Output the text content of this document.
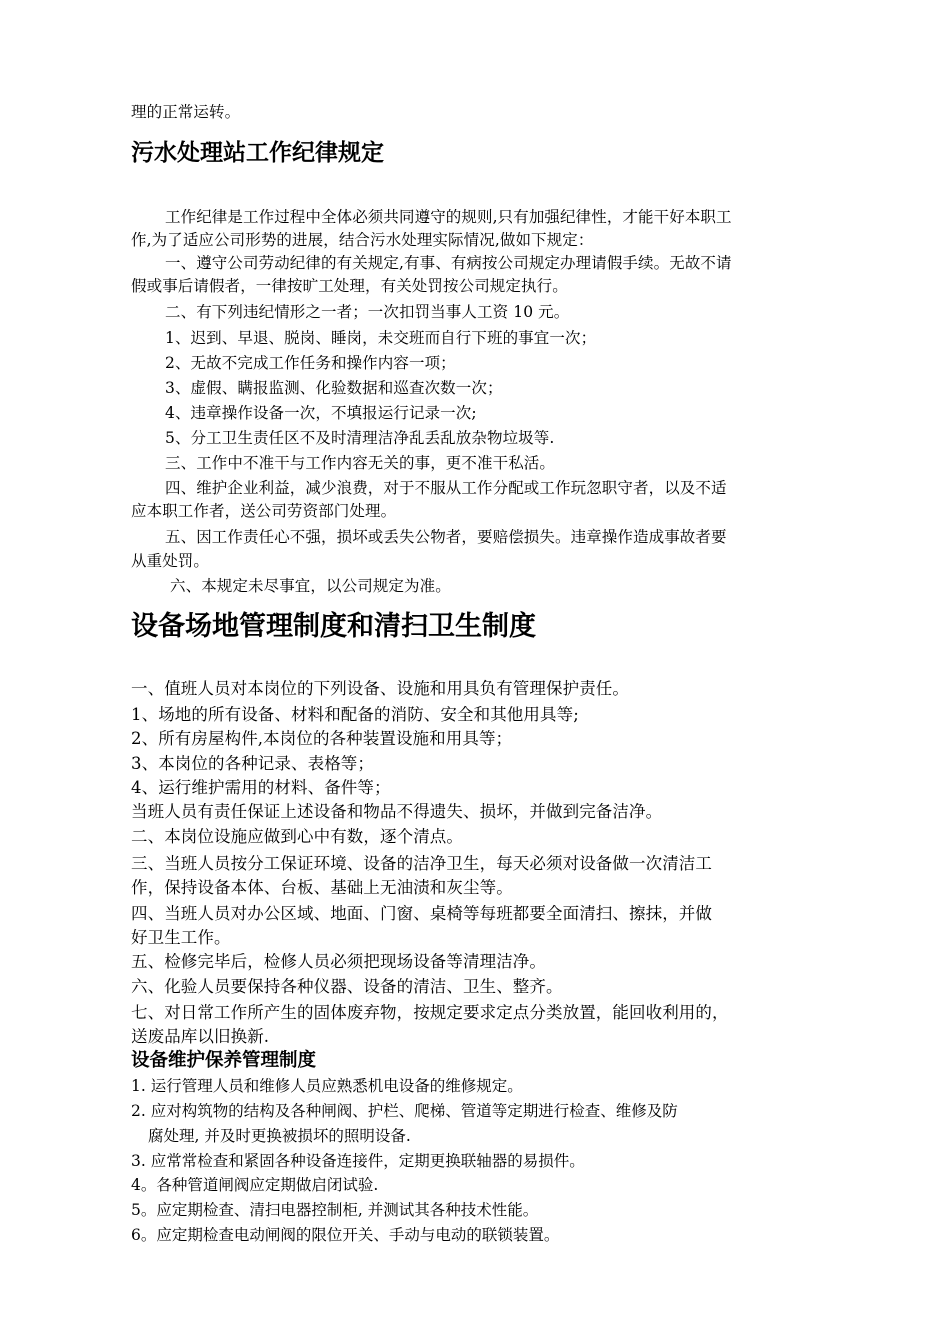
理的正常运转。
污水处理站工作纪律规定
工作纪律是工作过程中全体必须共同遵守的规则,只有加强纪律性，才能干好本职工
作,为了适应公司形势的进展，结合污水处理实际情况,做如下规定：
一、遵守公司劳动纪律的有关规定,有事、有病按公司规定办理请假手续。无故不请
假或事后请假者，一律按旷工处理，有关处罚按公司规定执行。
二、有下列违纪情形之一者；一次扣罚当事人工资 10 元。
1、迟到、早退、脱岗、睡岗，未交班而自行下班的事宜一次；
2、无故不完成工作任务和操作内容一项；
3、虚假、瞒报监测、化验数据和巡查次数一次；
4、违章操作设备一次，不填报运行记录一次;
5、分工卫生责任区不及时清理洁净乱丢乱放杂物垃圾等.
三、工作中不准干与工作内容无关的事，更不准干私活。
四、维护企业利益，减少浪费，对于不服从工作分配或工作玩忽职守者，以及不适
应本职工作者，送公司劳资部门处理。
五、因工作责任心不强，损坏或丢失公物者，要赔偿损失。违章操作造成事故者要
从重处罚。
六、本规定未尽事宜，以公司规定为准。
设备场地管理制度和清扫卫生制度
一、值班人员对本岗位的下列设备、设施和用具负有管理保护责任。
1、场地的所有设备、材料和配备的消防、安全和其他用具等;
2、所有房屋构件,本岗位的各种装置设施和用具等；
3、本岗位的各种记录、表格等；
4、运行维护需用的材料、备件等；
当班人员有责任保证上述设备和物品不得遗失、损坏，并做到完备洁净。
二、本岗位设施应做到心中有数，逐个清点。
三、当班人员按分工保证环境、设备的洁净卫生，每天必须对设备做一次清洁工
作，保持设备本体、台板、基础上无油渍和灰尘等。
四、当班人员对办公区域、地面、门窗、桌椅等每班都要全面清扫、擦抹，并做
好卫生工作。
五、检修完毕后，检修人员必须把现场设备等清理洁净。
六、化验人员要保持各种仪器、设备的清洁、卫生、整齐。
七、对日常工作所产生的固体废弃物，按规定要求定点分类放置，能回收利用的，
送废品库以旧换新.
设备维护保养管理制度
1. 运行管理人员和维修人员应熟悉机电设备的维修规定。
2. 应对构筑物的结构及各种闸阀、护栏、爬梯、管道等定期进行检查、维修及防
腐处理, 并及时更换被损坏的照明设备.
3. 应常常检查和紧固各种设备连接件，定期更换联轴器的易损件。
4。各种管道闸阀应定期做启闭试验.
5。应定期检查、清扫电器控制柜, 并测试其各种技术性能。
6。应定期检查电动闸阀的限位开关、手动与电动的联锁装置。
